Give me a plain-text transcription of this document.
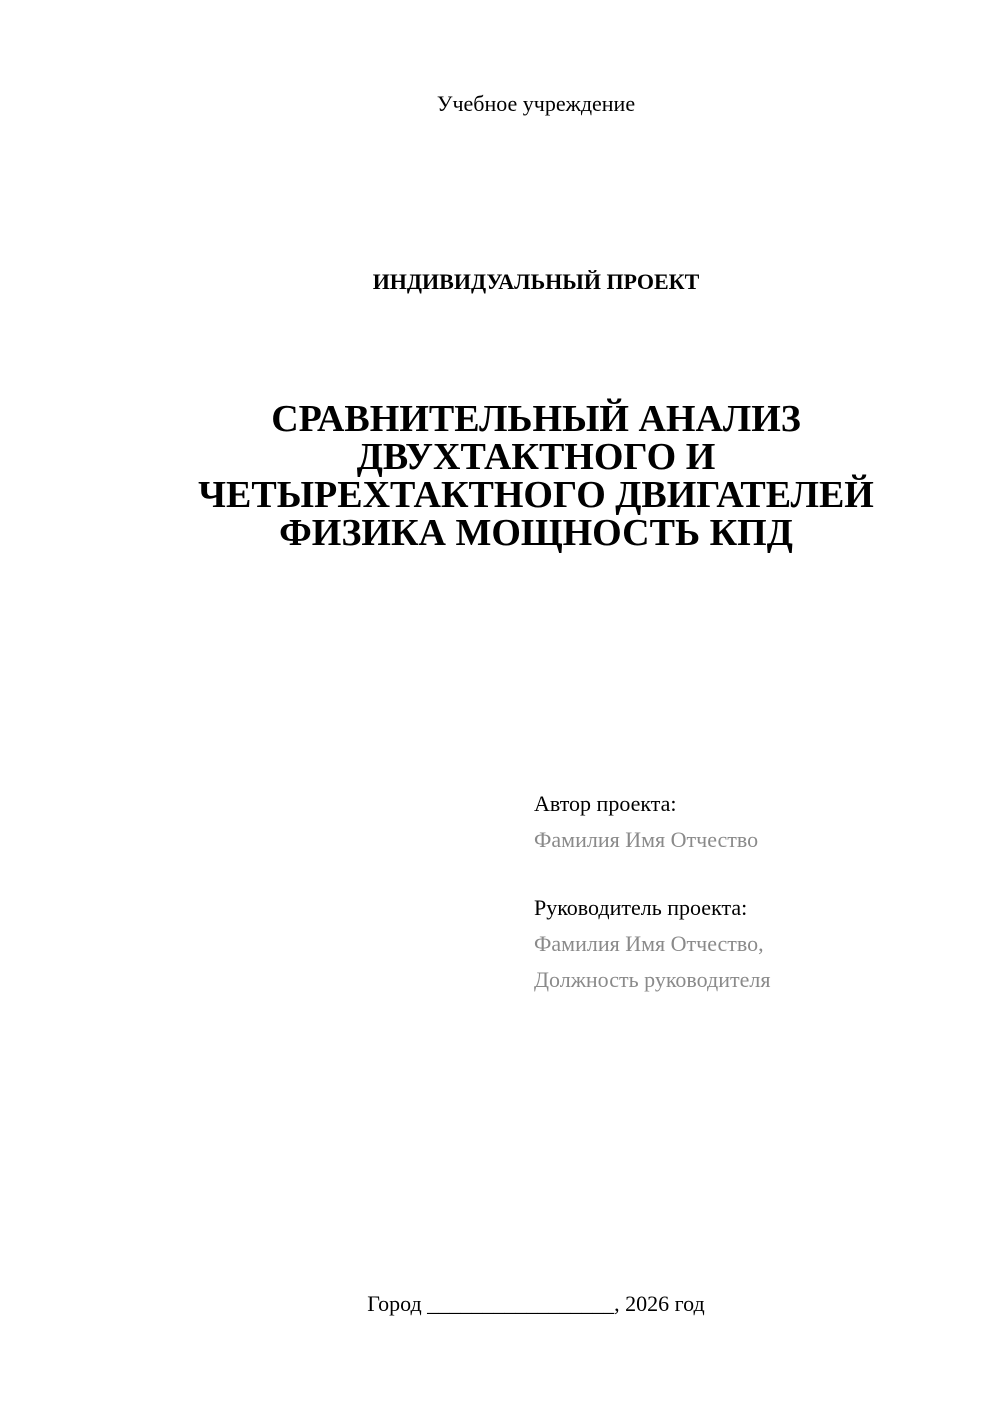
Учебное учреждение
ИНДИВИДУАЛЬНЫЙ ПРОЕКТ
СРАВНИТЕЛЬНЫЙ АНАЛИЗ
ДВУХТАКТНОГО И
ЧЕТЫРЕХТАКТНОГО ДВИГАТЕЛЕЙ
ФИЗИКА МОЩНОСТЬ КПД
Автор проекта:
Фамилия Имя Отчество
Руководитель проекта:
Фамилия Имя Отчество,
Должность руководителя
Город _________________, 2026 год
